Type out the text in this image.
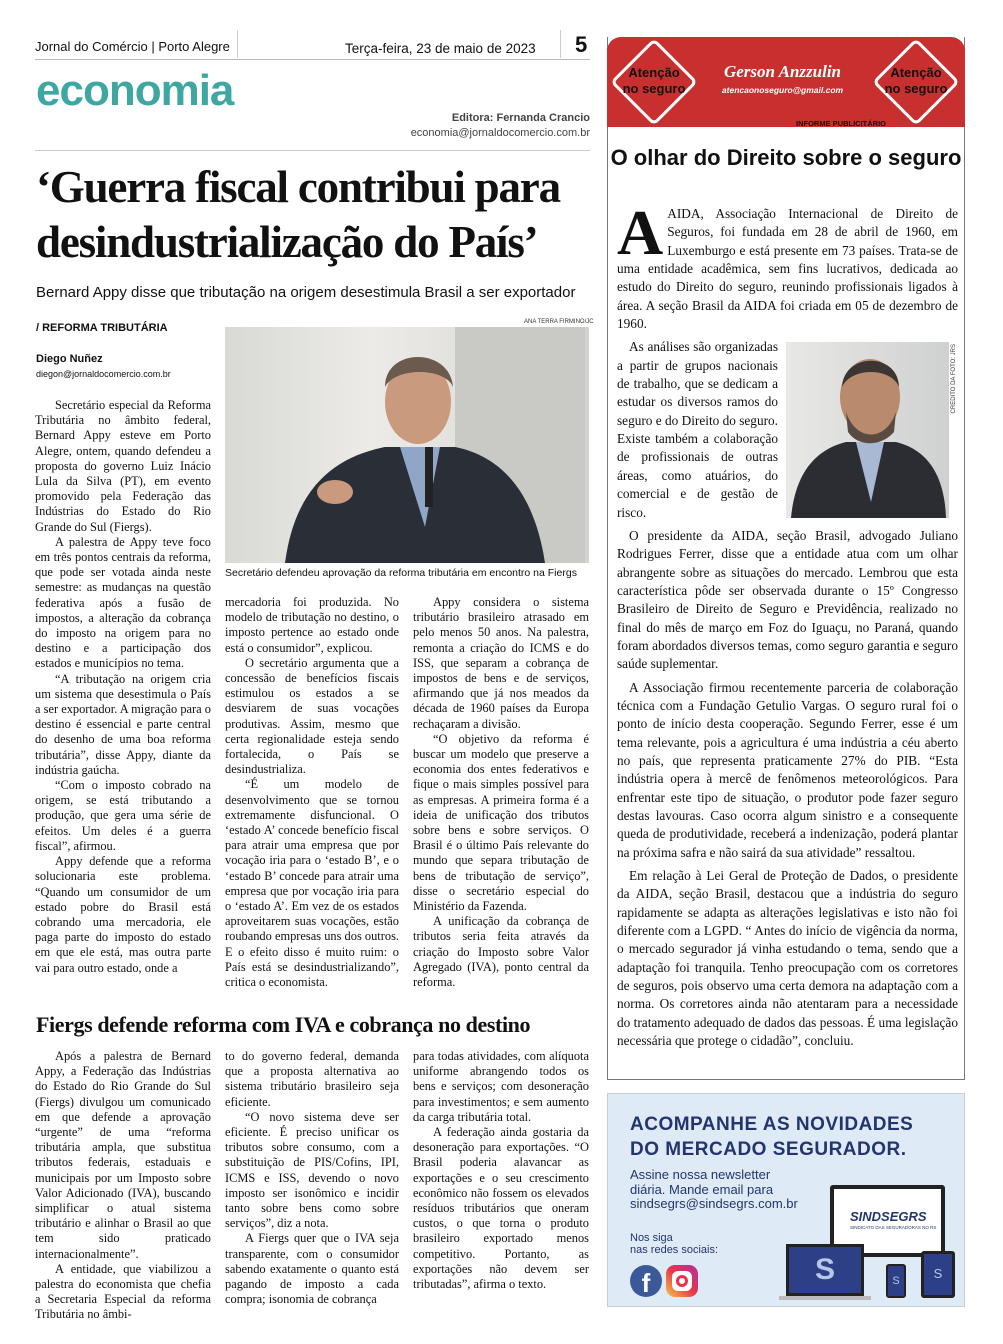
Jornal do Comércio | Porto Alegre	Terça-feira, 23 de maio de 2023 5
economia
Editora: Fernanda Crancio
economia@jornaldocomercio.com.br
‘Guerra fiscal contribui para
desindustrialização do País’
Bernard Appy disse que tributação na origem desestimula Brasil a ser exportador
/ REFORMA TRIBUTÁRIA
Diego Nuñez
diegon@jornaldocomercio.com.br
ANA TERRA FIRMINO/JC
Secretário defendeu aprovação da reforma tributária em encontro na Fiergs

Secretário especial da Reforma Tributária no âmbito federal, Bernard Appy esteve em Porto Alegre, ontem, quando defendeu a proposta do governo Luiz Inácio Lula da Silva (PT), em evento promovido pela Federação das Indústrias do Estado do Rio Grande do Sul (Fiergs).

A palestra de Appy teve foco em três pontos centrais da reforma, que pode ser votada ainda neste semestre: as mudanças na questão federativa após a fusão de impostos, a alteração da cobrança do imposto na origem para no destino e a participação dos estados e municípios no tema.

“A tributação na origem cria um sistema que desestimula o País a ser exportador. A migração para o destino é essencial e parte central do desenho de uma boa reforma tributária”, disse Appy, diante da indústria gaúcha.

“Com o imposto cobrado na origem, se está tributando a produção, que gera uma série de efeitos. Um deles é a guerra fiscal”, afirmou.

Appy defende que a reforma solucionaria este problema. “Quando um consumidor de um estado pobre do Brasil está cobrando uma mercadoria, ele paga parte do imposto do estado em que ele está, mas outra parte vai para outro estado, onde a

mercadoria foi produzida. No modelo de tributação no destino, o imposto pertence ao estado onde está o consumidor”, explicou.

O secretário argumenta que a concessão de benefícios fiscais estimulou os estados a se desviarem de suas vocações produtivas. Assim, mesmo que certa regionalidade esteja sendo fortalecida, o País se desindustrializa.

“É um modelo de desenvolvimento que se tornou extremamente disfuncional. O ‘estado A’ concede benefício fiscal para atrair uma empresa que por vocação iria para o ‘estado B’, e o ‘estado B’ concede para atrair uma empresa que por vocação iria para o ‘estado A’. Em vez de os estados aproveitarem suas vocações, estão roubando empresas uns dos outros. E o efeito disso é muito ruim: o País está se desindustrializando”, critica o economista.

Appy considera o sistema tributário brasileiro atrasado em pelo menos 50 anos. Na palestra, remonta a criação do ICMS e do ISS, que separam a cobrança de impostos de bens e de serviços, afirmando que já nos meados da década de 1960 países da Europa rechaçaram a divisão.

“O objetivo da reforma é buscar um modelo que preserve a economia dos entes federativos e fique o mais simples possível para as empresas. A primeira forma é a ideia de unificação dos tributos sobre bens e sobre serviços. O Brasil é o último País relevante do mundo que separa tributação de bens de tributação de serviço”, disse o secretário especial do Ministério da Fazenda.

A unificação da cobrança de tributos seria feita através da criação do Imposto sobre Valor Agregado (IVA), ponto central da reforma.

Fiergs defende reforma com IVA e cobrança no destino

Após a palestra de Bernard Appy, a Federação das Indústrias do Estado do Rio Grande do Sul (Fiergs) divulgou um comunicado em que defende a aprovação “urgente” de uma “reforma tributária ampla, que substitua tributos federais, estaduais e municipais por um Imposto sobre Valor Adicionado (IVA), buscando simplificar o atual sistema tributário e alinhar o Brasil ao que tem sido praticado internacionalmente”.

A entidade, que viabilizou a palestra do economista que chefia a Secretaria Especial da reforma Tributária no âmbi-

to do governo federal, demanda que a proposta alternativa ao sistema tributário brasileiro seja eficiente.

“O novo sistema deve ser eficiente. É preciso unificar os tributos sobre consumo, com a substituição de PIS/Cofins, IPI, ICMS e ISS, devendo o novo imposto ser isonômico e incidir tanto sobre bens como sobre serviços”, diz a nota.

A Fiergs quer que o IVA seja transparente, com o consumidor sabendo exatamente o quanto está pagando de imposto a cada compra; isonomia de cobrança

para todas atividades, com alíquota uniforme abrangendo todos os bens e serviços; com desoneração para investimentos; e sem aumento da carga tributária total.

A federação ainda gostaria da desoneração para exportações. “O Brasil poderia alavancar as exportações e o seu crescimento econômico não fossem os elevados resíduos tributários que oneram custos, o que torna o produto brasileiro exportado menos competitivo. Portanto, as exportações não devem ser tributadas”, afirma o texto.

Atenção
no seguro
Atenção
no seguro
Gerson Anzzulin
atencaonoseguro@gmail.com
INFORME PUBLICITÁRIO
O olhar do Direito sobre o seguro

A AIDA, Associação Internacional de Direito de Seguros, foi fundada em 28 de abril de 1960, em Luxemburgo e está presente em 73 países. Trata-se de uma entidade acadêmica, sem fins lucrativos, dedicada ao estudo do Direito do seguro, reunindo profissionais ligados à área. A seção Brasil da AIDA foi criada em 05 de dezembro de 1960.

CRÉDITO DA FOTO: JRS

As análises são organizadas a partir de grupos nacionais de trabalho, que se dedicam a estudar os diversos ramos do seguro e do Direito do seguro. Existe também a colaboração de profissionais de outras áreas, como atuários, do comercial e de gestão de risco.

O presidente da AIDA, seção Brasil, advogado Juliano Rodrigues Ferrer, disse que a entidade atua com um olhar abrangente sobre as situações do mercado. Lembrou que esta característica pôde ser observada durante o 15º Congresso Brasileiro de Direito de Seguro e Previdência, realizado no final do mês de março em Foz do Iguaçu, no Paraná, quando foram abordados diversos temas, como seguro garantia e seguro saúde suplementar.

A Associação firmou recentemente parceria de colaboração técnica com a Fundação Getulio Vargas. O seguro rural foi o ponto de início desta cooperação. Segundo Ferrer, esse é um tema relevante, pois a agricultura é uma indústria a céu aberto no país, que representa praticamente 27% do PIB. “Esta indústria opera à mercê de fenômenos meteorológicos. Para enfrentar este tipo de situação, o produtor pode fazer seguro destas lavouras. Caso ocorra algum sinistro e a consequente queda de produtividade, receberá a indenização, poderá plantar na próxima safra e não sairá da sua atividade” ressaltou.

Em relação à Lei Geral de Proteção de Dados, o presidente da AIDA, seção Brasil, destacou que a indústria do seguro rapidamente se adapta as alterações legislativas e isto não foi diferente com a LGPD. “ Antes do início de vigência da norma, o mercado segurador já vinha estudando o tema, sendo que a adaptação foi tranquila. Tenho preocupação com os corretores de seguros, pois observo uma certa demora na adaptação com a norma. Os corretores ainda não atentaram para a necessidade do tratamento adequado de dados das pessoas. É uma legislação necessária que protege o cidadão”, concluiu.

ACOMPANHE AS NOVIDADES
DO MERCADO SEGURADOR.
Assine nossa newsletter
diária. Mande email para
sindsegrs@sindsegrs.com.br
Nos siga
nas redes sociais:
f
SINDSEGRS
SINDICATO DAS SEGURADORAS NO RS
S	S	S
